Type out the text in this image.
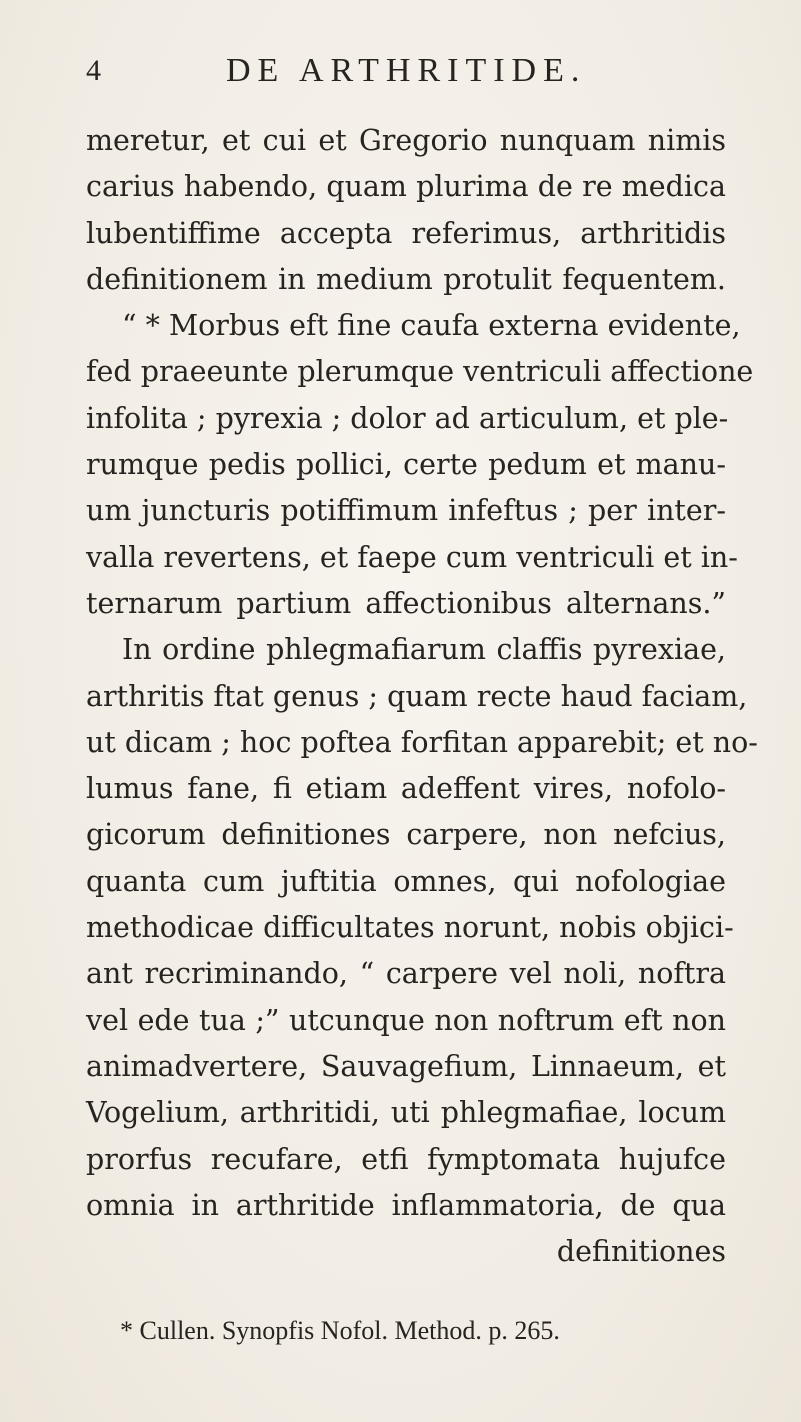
4	DE ARTHRITIDE.
meretur, et cui et Gregorio nunquam nimis
carius habendo, quam plurima de re medica
lubentiffime accepta referimus, arthritidis
definitionem in medium protulit fequentem.
“ * Morbus eft fine caufa externa evidente,
fed praeeunte plerumque ventriculi affectione
infolita ; pyrexia ; dolor ad articulum, et ple-
rumque pedis pollici, certe pedum et manu-
um juncturis potiffimum infeftus ; per inter-
valla revertens, et faepe cum ventriculi et in-
ternarum partium affectionibus alternans.”
In ordine phlegmafiarum claffis pyrexiae,
arthritis ftat genus ; quam recte haud faciam,
ut dicam ; hoc poftea forfitan apparebit; et no-
lumus fane, fi etiam adeffent vires, nofolo-
gicorum definitiones carpere, non nefcius,
quanta cum juftitia omnes, qui nofologiae
methodicae difficultates norunt, nobis objici-
ant recriminando, “ carpere vel noli, noftra
vel ede tua ;” utcunque non noftrum eft non
animadvertere, Sauvagefium, Linnaeum, et
Vogelium, arthritidi, uti phlegmafiae, locum
prorfus recufare, etfi fymptomata hujufce
omnia in arthritide inflammatoria, de qua
definitiones
* Cullen. Synopfis Nofol. Method. p. 265.
